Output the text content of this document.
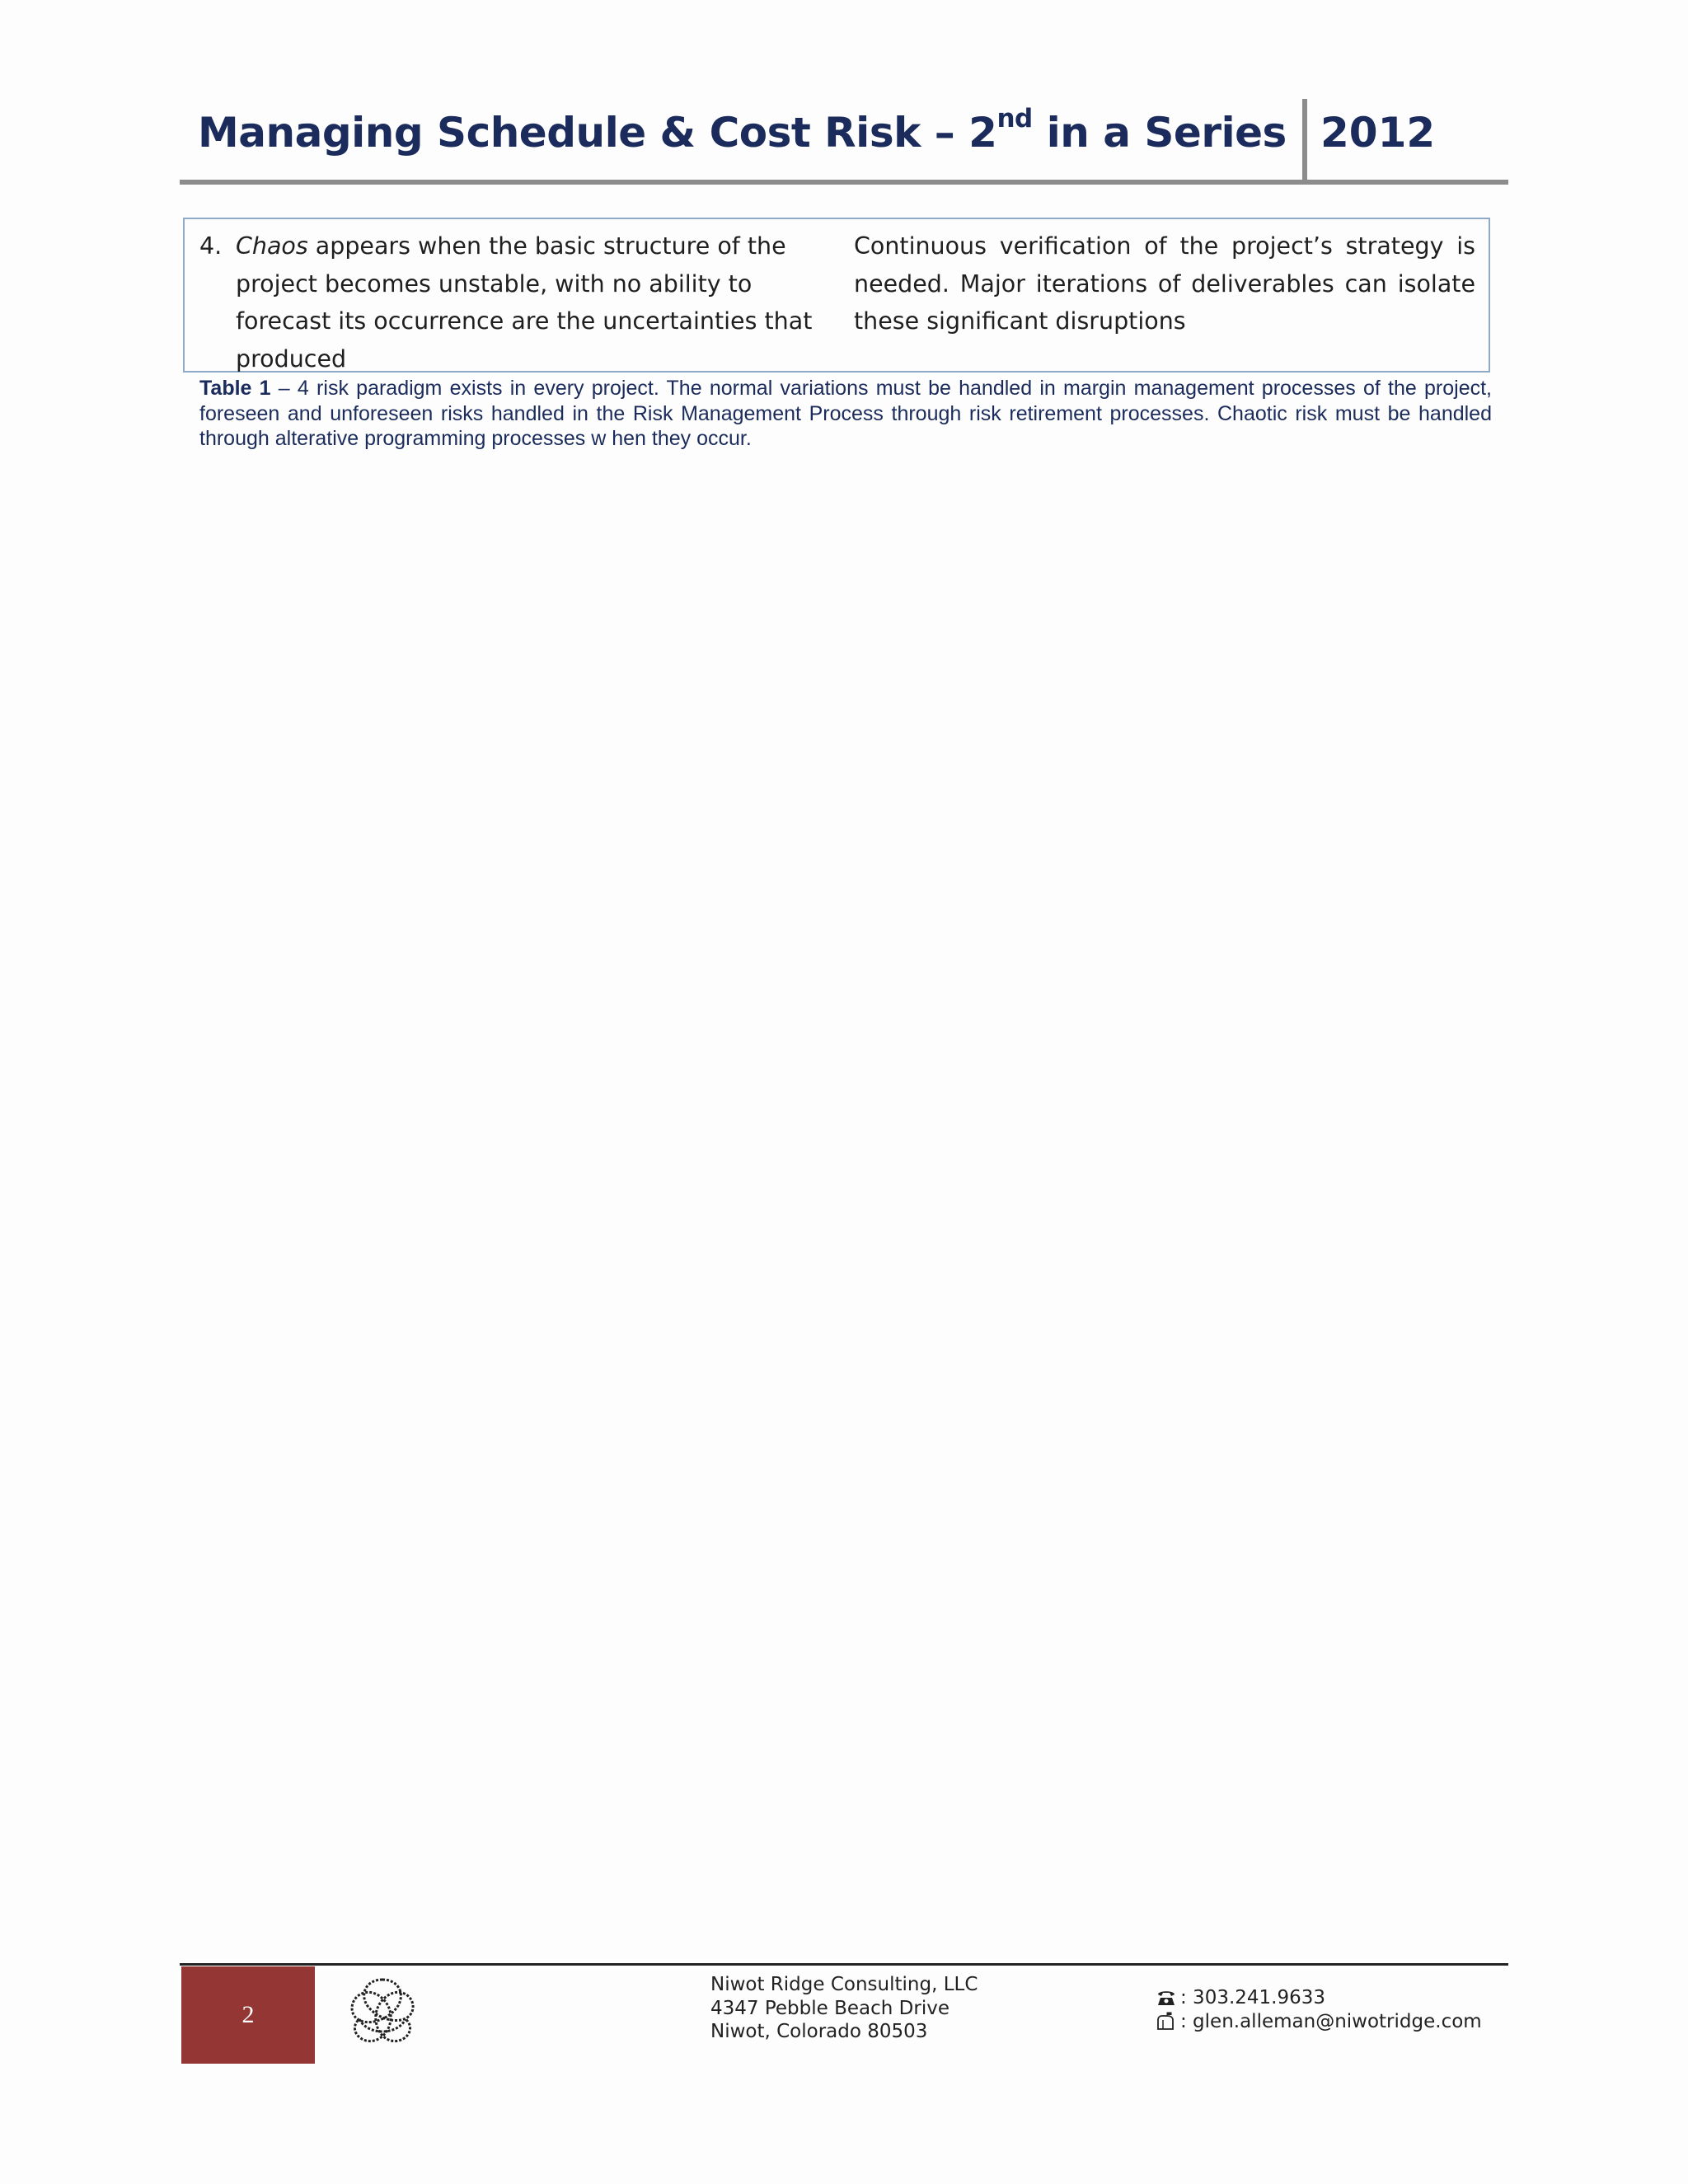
Managing Schedule & Cost Risk – 2nd in a Series 2012
4. Chaos appears when the basic structure of the
project becomes unstable, with no ability to
forecast its occurrence are the uncertainties that
produced
Continuous verification of the project’s strategy is needed. Major iterations of deliverables can isolate these significant disruptions
Table 1 – 4 risk paradigm exists in every project. The normal variations must be handled in margin management processes of the project, foreseen and unforeseen risks handled in the Risk Management Process through risk retirement processes. Chaotic risk must be handled through alterative programming processes w hen they occur.
2
Niwot Ridge Consulting, LLC
4347 Pebble Beach Drive
Niwot, Colorado 80503
: 303.241.9633
: glen.alleman@niwotridge.com
